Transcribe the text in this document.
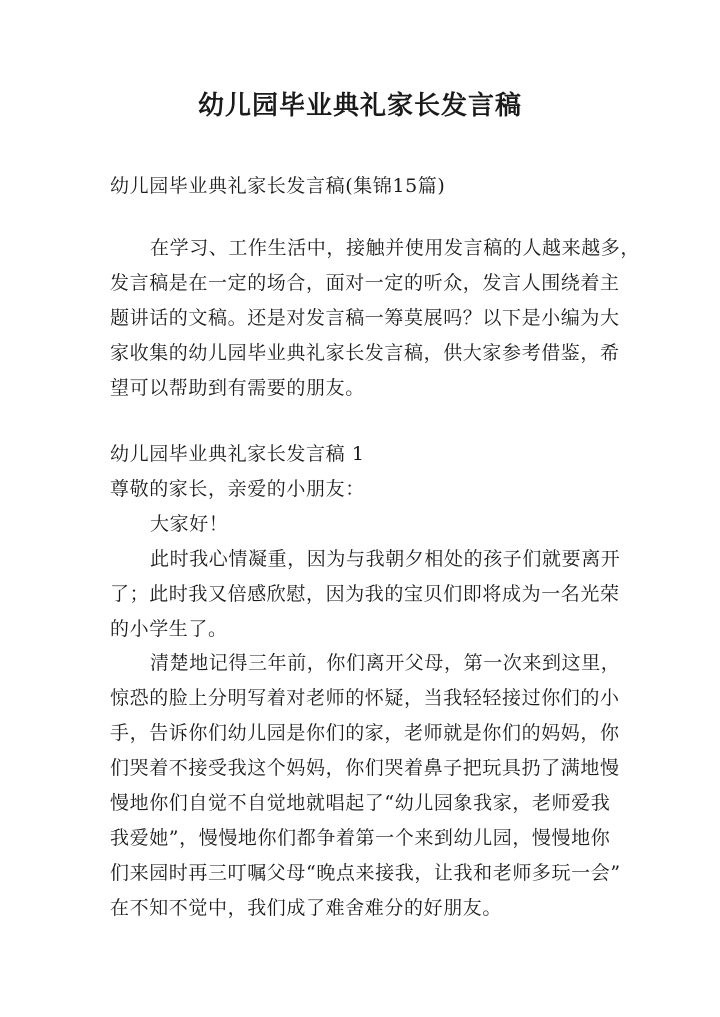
幼儿园毕业典礼家长发言稿

幼儿园毕业典礼家长发言稿(集锦15篇)

在学习、工作生活中，接触并使用发言稿的人越来越多，

发言稿是在一定的场合，面对一定的听众，发言人围绕着主

题讲话的文稿。还是对发言稿一筹莫展吗？以下是小编为大

家收集的幼儿园毕业典礼家长发言稿，供大家参考借鉴，希

望可以帮助到有需要的朋友。

幼儿园毕业典礼家长发言稿 1

尊敬的家长，亲爱的小朋友：

大家好！

此时我心情凝重，因为与我朝夕相处的孩子们就要离开

了；此时我又倍感欣慰，因为我的宝贝们即将成为一名光荣

的小学生了。

清楚地记得三年前，你们离开父母，第一次来到这里，

惊恐的脸上分明写着对老师的怀疑，当我轻轻接过你们的小

手，告诉你们幼儿园是你们的家，老师就是你们的妈妈，你

们哭着不接受我这个妈妈，你们哭着鼻子把玩具扔了满地慢

慢地你们自觉不自觉地就唱起了“幼儿园象我家，老师爱我

我爱她”，慢慢地你们都争着第一个来到幼儿园，慢慢地你

们来园时再三叮嘱父母“晚点来接我，让我和老师多玩一会”

在不知不觉中，我们成了难舍难分的好朋友。
